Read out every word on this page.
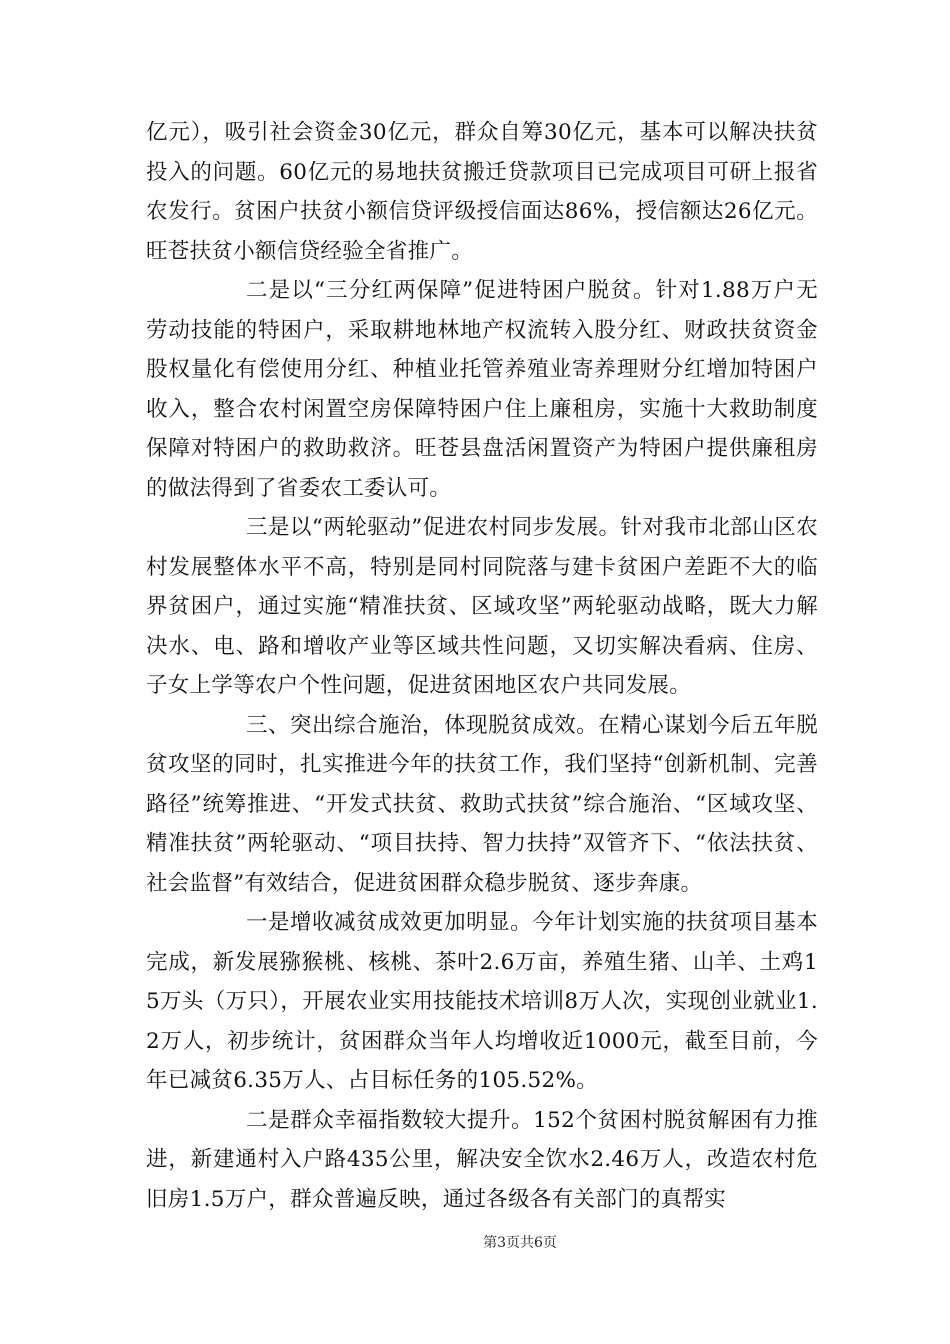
亿元），吸引社会资金30亿元，群众自筹30亿元，基本可以解决扶贫投入的问题。60亿元的易地扶贫搬迁贷款项目已完成项目可研上报省农发行。贫困户扶贫小额信贷评级授信面达86%，授信额达26亿元。旺苍扶贫小额信贷经验全省推广。

二是以“三分红两保障”促进特困户脱贫。针对1.88万户无劳动技能的特困户，采取耕地林地产权流转入股分红、财政扶贫资金股权量化有偿使用分红、种植业托管养殖业寄养理财分红增加特困户收入，整合农村闲置空房保障特困户住上廉租房，实施十大救助制度保障对特困户的救助救济。旺苍县盘活闲置资产为特困户提供廉租房的做法得到了省委农工委认可。

三是以“两轮驱动”促进农村同步发展。针对我市北部山区农村发展整体水平不高，特别是同村同院落与建卡贫困户差距不大的临界贫困户，通过实施“精准扶贫、区域攻坚”两轮驱动战略，既大力解决水、电、路和增收产业等区域共性问题，又切实解决看病、住房、子女上学等农户个性问题，促进贫困地区农户共同发展。

三、突出综合施治，体现脱贫成效。在精心谋划今后五年脱贫攻坚的同时，扎实推进今年的扶贫工作，我们坚持“创新机制、完善路径”统筹推进、“开发式扶贫、救助式扶贫”综合施治、“区域攻坚、精准扶贫”两轮驱动、“项目扶持、智力扶持”双管齐下、“依法扶贫、社会监督”有效结合，促进贫困群众稳步脱贫、逐步奔康。

一是增收减贫成效更加明显。今年计划实施的扶贫项目基本完成，新发展猕猴桃、核桃、茶叶2.6万亩，养殖生猪、山羊、土鸡15万头（万只），开展农业实用技能技术培训8万人次，实现创业就业1.2万人，初步统计，贫困群众当年人均增收近1000元，截至目前，今年已减贫6.35万人、占目标任务的105.52%。

二是群众幸福指数较大提升。152个贫困村脱贫解困有力推进，新建通村入户路435公里，解决安全饮水2.46万人，改造农村危旧房1.5万户，群众普遍反映，通过各级各有关部门的真帮实

第3页共6页
